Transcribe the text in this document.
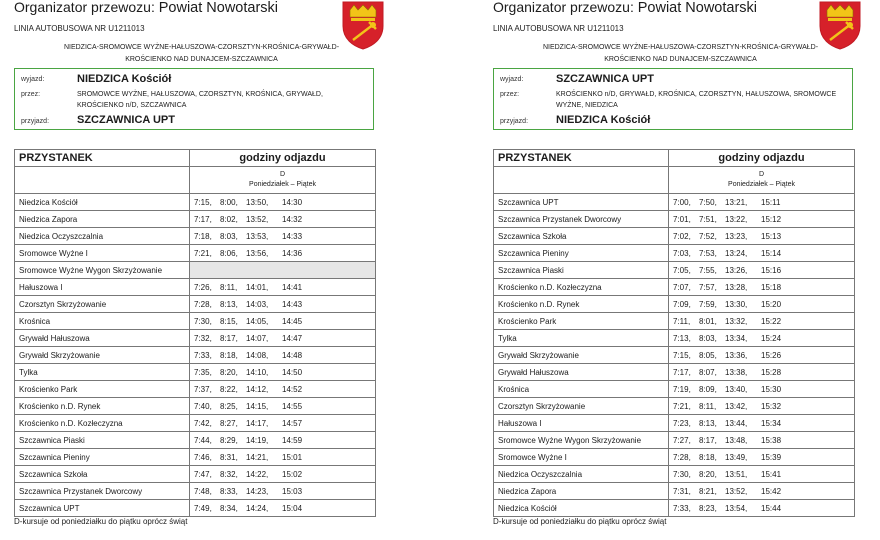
Organizator przewozu: Powiat Nowotarski
LINIA AUTOBUSOWA NR U1211013
NIEDZICA-SROMOWCE WYŻNE-HAŁUSZOWA-CZORSZTYN-KROŚNICA-GRYWAŁD-
KROŚCIENKO NAD DUNAJCEM-SZCZAWNICA
wyjazd:	NIEDZICA Kościół
przez:	SROMOWCE WYŻNE, HAŁUSZOWA, CZORSZTYN, KROŚNICA, GRYWAŁD, KROŚCIENKO n/D, SZCZAWNICA
przyjazd:	SZCZAWNICA UPT
PRZYSTANEK	godziny odjazdu

	D
Poniedziałek – Piątek

Niedzica Kościół	7:15, 8:00, 13:50, 14:30

Niedzica Zapora	7:17, 8:02, 13:52, 14:32

Niedzica Oczyszczalnia	7:18, 8:03, 13:53, 14:33

Sromowce Wyżne I	7:21, 8:06, 13:56, 14:36

Sromowce Wyżne Wygon Skrzyżowanie	

Hałuszowa I	7:26, 8:11, 14:01, 14:41

Czorsztyn Skrzyżowanie	7:28, 8:13, 14:03, 14:43

Krośnica	7:30, 8:15, 14:05, 14:45

Grywałd Hałuszowa	7:32, 8:17, 14:07, 14:47

Grywałd Skrzyżowanie	7:33, 8:18, 14:08, 14:48

Tylka	7:35, 8:20, 14:10, 14:50

Krościenko Park	7:37, 8:22, 14:12, 14:52

Krościenko n.D. Rynek	7:40, 8:25, 14:15, 14:55

Krościenko n.D. Kozłeczyzna	7:42, 8:27, 14:17, 14:57

Szczawnica Piaski	7:44, 8:29, 14:19, 14:59

Szczawnica Pieniny	7:46, 8:31, 14:21, 15:01

Szczawnica Szkoła	7:47, 8:32, 14:22, 15:02

Szczawnica Przystanek Dworcowy	7:48, 8:33, 14:23, 15:03

Szczawnica UPT	7:49, 8:34, 14:24, 15:04
D-kursuje od poniedziałku do piątku oprócz świąt
Organizator przewozu: Powiat Nowotarski
LINIA AUTOBUSOWA NR U1211013
NIEDZICA-SROMOWCE WYŻNE-HAŁUSZOWA-CZORSZTYN-KROŚNICA-GRYWAŁD-
KROŚCIENKO NAD DUNAJCEM-SZCZAWNICA
wyjazd:	SZCZAWNICA UPT
przez:	KROŚCIENKO n/D, GRYWAŁD, KROŚNICA, CZORSZTYN, HAŁUSZOWA, SROMOWCE WYŻNE, NIEDZICA
przyjazd:	NIEDZICA Kościół
PRZYSTANEK	godziny odjazdu

	D
Poniedziałek – Piątek

Szczawnica UPT	7:00, 7:50, 13:21, 15:11

Szczawnica Przystanek Dworcowy	7:01, 7:51, 13:22, 15:12

Szczawnica Szkoła	7:02, 7:52, 13:23, 15:13

Szczawnica Pieniny	7:03, 7:53, 13:24, 15:14

Szczawnica Piaski	7:05, 7:55, 13:26, 15:16

Krościenko n.D. Kozłeczyzna	7:07, 7:57, 13:28, 15:18

Krościenko n.D. Rynek	7:09, 7:59, 13:30, 15:20

Krościenko Park	7:11, 8:01, 13:32, 15:22

Tylka	7:13, 8:03, 13:34, 15:24

Grywałd Skrzyżowanie	7:15, 8:05, 13:36, 15:26

Grywałd Hałuszowa	7:17, 8:07, 13:38, 15:28

Krośnica	7:19, 8:09, 13:40, 15:30

Czorsztyn Skrzyżowanie	7:21, 8:11, 13:42, 15:32

Hałuszowa I	7:23, 8:13, 13:44, 15:34

Sromowce Wyżne Wygon Skrzyżowanie	7:27, 8:17, 13:48, 15:38

Sromowce Wyżne I	7:28, 8:18, 13:49, 15:39

Niedzica Oczyszczalnia	7:30, 8:20, 13:51, 15:41

Niedzica Zapora	7:31, 8:21, 13:52, 15:42

Niedzica Kościół	7:33, 8:23, 13:54, 15:44
D-kursuje od poniedziałku do piątku oprócz świąt
